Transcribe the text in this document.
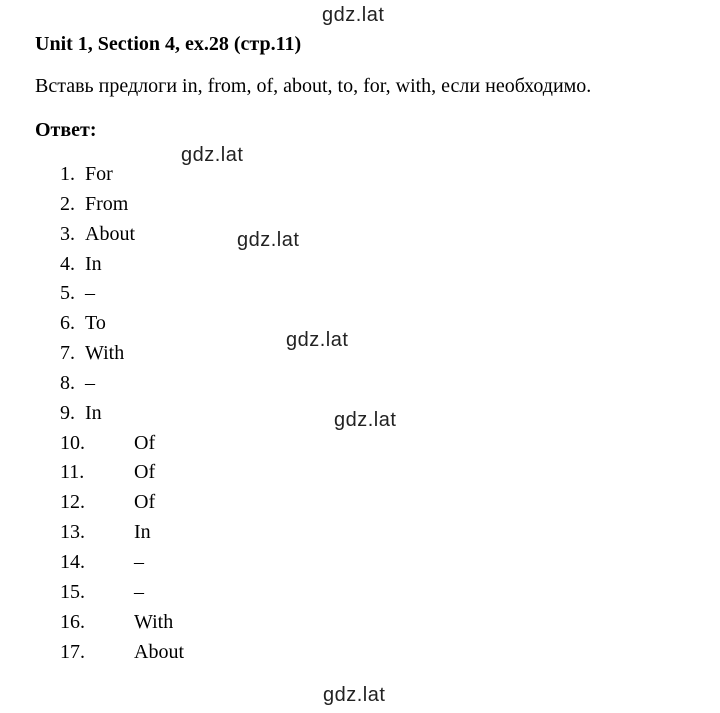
gdz.lat
gdz.lat
gdz.lat
gdz.lat
gdz.lat
gdz.lat
Unit 1, Section 4, ex.28 (стр.11)
Вставь предлоги in, from, of, about, to, for, with, если необходимо.
Ответ:
1. For
2. From
3. About
4. In
5. –
6. To
7. With
8. –
9. In
10. Of
11. Of
12. Of
13. In
14. –
15. –
16. With
17. About
